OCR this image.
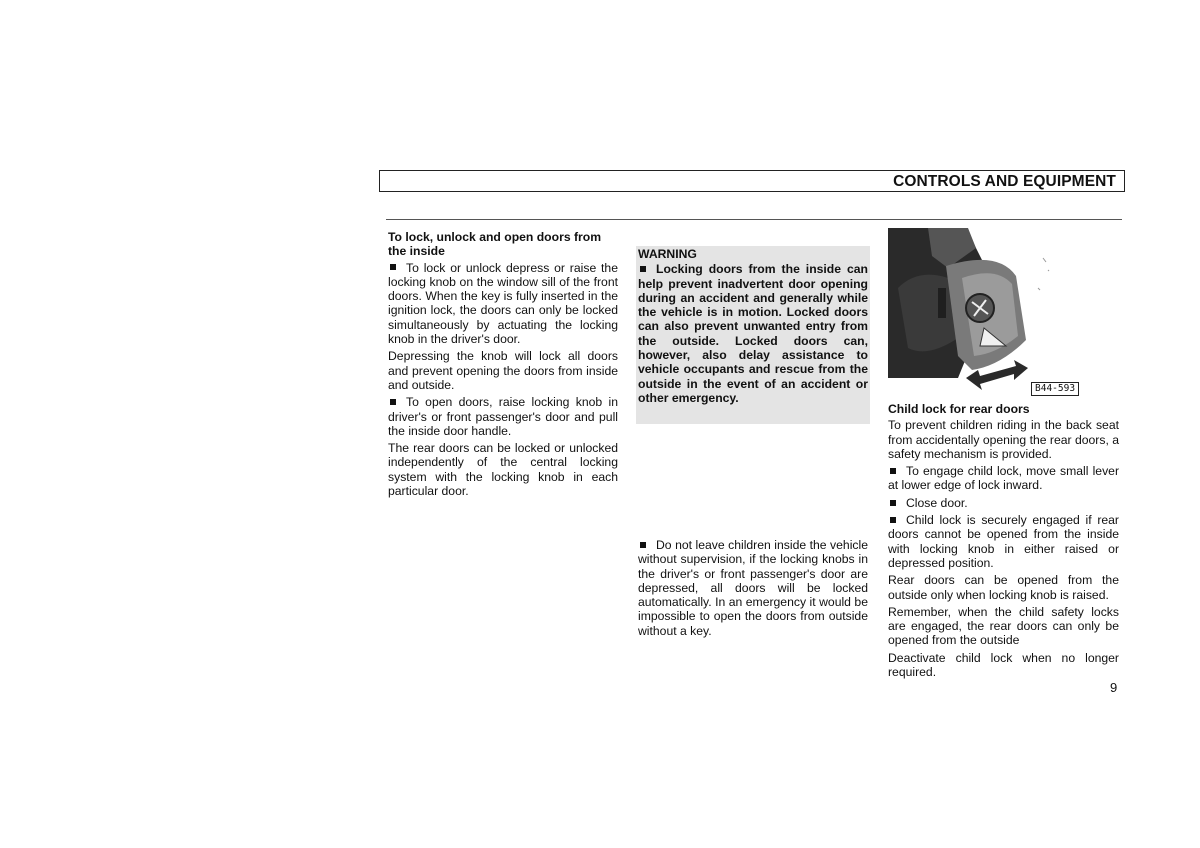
CONTROLS AND EQUIPMENT

To lock, unlock and open doors from the inside

To lock or unlock depress or raise the locking knob on the window sill of the front doors. When the key is fully inserted in the ignition lock, the doors can only be locked simultaneously by actuating the locking knob in the driver's door.

Depressing the knob will lock all doors and prevent opening the doors from inside and outside.

To open doors, raise locking knob in driver's or front passenger's door and pull the inside door handle.

The rear doors can be locked or unlocked independently of the central locking system with the locking knob in each particular door.

WARNING
Locking doors from the inside can help prevent inadvertent door opening during an accident and generally while the vehicle is in motion. Locked doors can also prevent unwanted entry from the outside. Locked doors can, however, also delay assistance to vehicle occupants and rescue from the outside in the event of an accident or other emergency.

Do not leave children inside the vehicle without supervision, if the locking knobs in the driver's or front passenger's door are depressed, all doors will be locked automatically. In an emergency it would be impossible to open the doors from outside without a key.

B44-593

Child lock for rear doors

To prevent children riding in the back seat from accidentally opening the rear doors, a safety mechanism is provided.

To engage child lock, move small lever at lower edge of lock inward.

Close door.

Child lock is securely engaged if rear doors cannot be opened from the inside with locking knob in either raised or depressed position.

Rear doors can be opened from the outside only when locking knob is raised.

Remember, when the child safety locks are engaged, the rear doors can only be opened from the outside

Deactivate child lock when no longer required.

9
